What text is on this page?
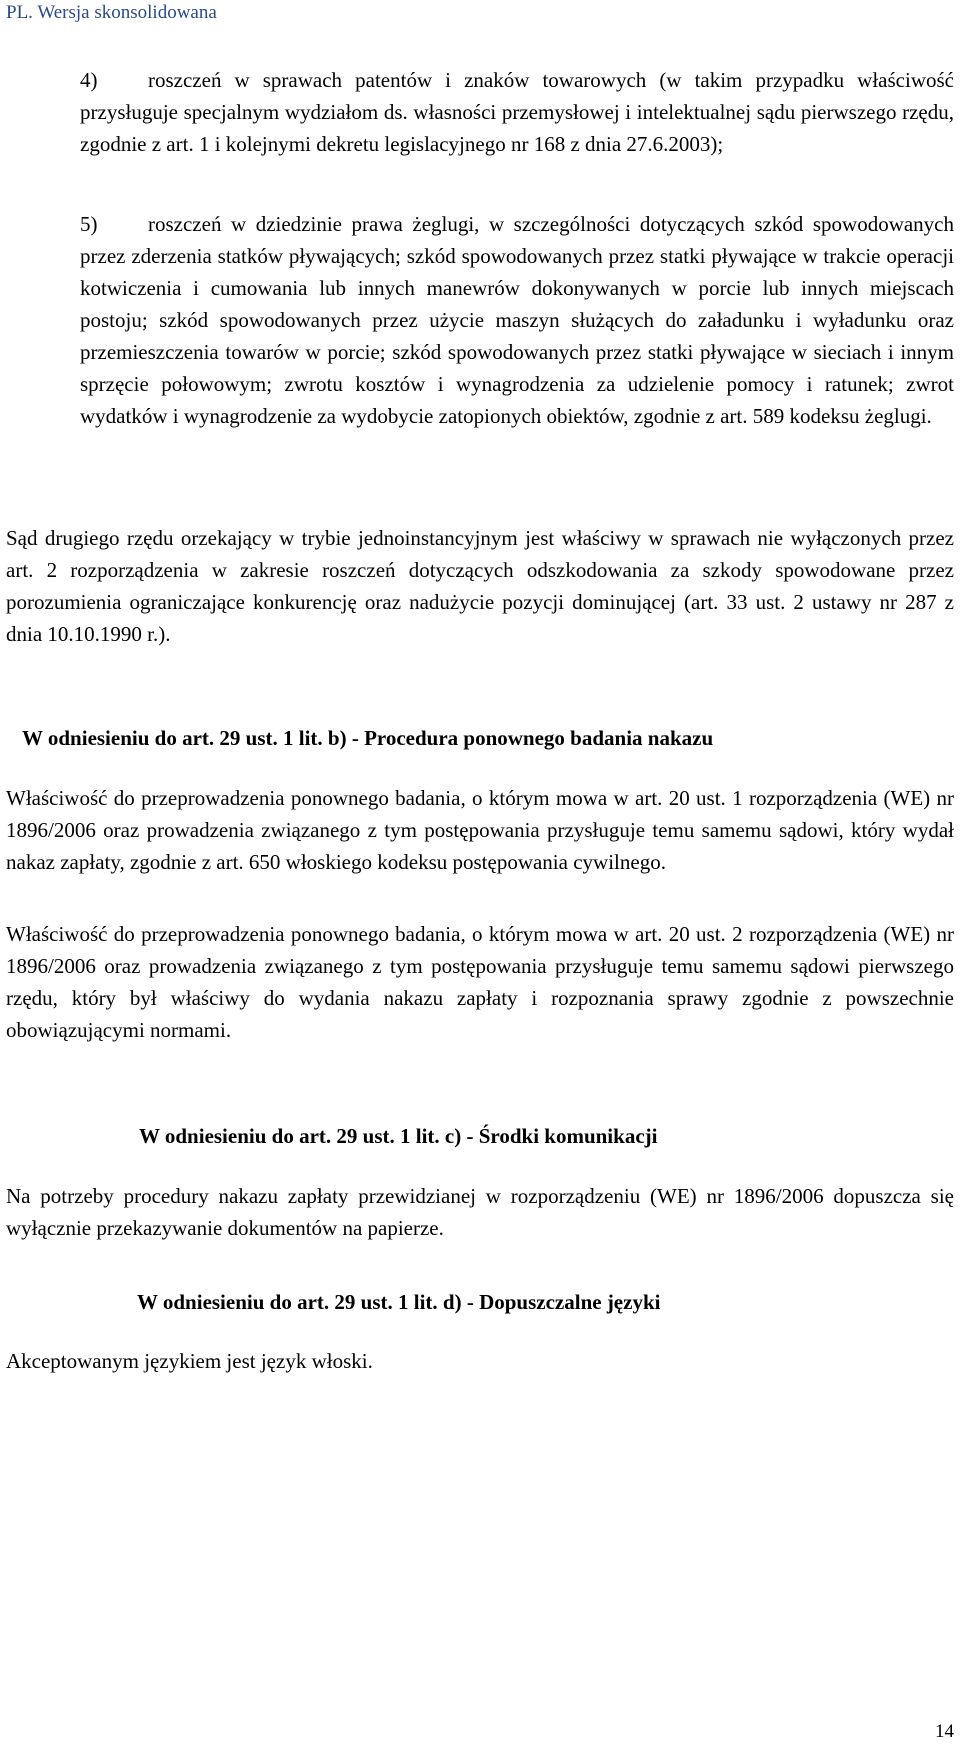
PL. Wersja skonsolidowana
4) roszczeń w sprawach patentów i znaków towarowych (w takim przypadku właściwość przysługuje specjalnym wydziałom ds. własności przemysłowej i intelektualnej sądu pierwszego rzędu, zgodnie z art. 1 i kolejnymi dekretu legislacyjnego nr 168 z dnia 27.6.2003);
5) roszczeń w dziedzinie prawa żeglugi, w szczególności dotyczących szkód spowodowanych przez zderzenia statków pływających; szkód spowodowanych przez statki pływające w trakcie operacji kotwiczenia i cumowania lub innych manewrów dokonywanych w porcie lub innych miejscach postoju; szkód spowodowanych przez użycie maszyn służących do załadunku i wyładunku oraz przemieszczenia towarów w porcie; szkód spowodowanych przez statki pływające w sieciach i innym sprzęcie połowowym; zwrotu kosztów i wynagrodzenia za udzielenie pomocy i ratunek; zwrot wydatków i wynagrodzenie za wydobycie zatopionych obiektów, zgodnie z art. 589 kodeksu żeglugi.
Sąd drugiego rzędu orzekający w trybie jednoinstancyjnym jest właściwy w sprawach nie wyłączonych przez art. 2 rozporządzenia w zakresie roszczeń dotyczących odszkodowania za szkody spowodowane przez porozumienia ograniczające konkurencję oraz nadużycie pozycji dominującej (art. 33 ust. 2 ustawy nr 287 z dnia 10.10.1990 r.).
W odniesieniu do art. 29 ust. 1 lit. b) - Procedura ponownego badania nakazu
Właściwość do przeprowadzenia ponownego badania, o którym mowa w art. 20 ust. 1 rozporządzenia (WE) nr 1896/2006 oraz prowadzenia związanego z tym postępowania przysługuje temu samemu sądowi, który wydał nakaz zapłaty, zgodnie z art. 650 włoskiego kodeksu postępowania cywilnego.
Właściwość do przeprowadzenia ponownego badania, o którym mowa w art. 20 ust. 2 rozporządzenia (WE) nr 1896/2006 oraz prowadzenia związanego z tym postępowania przysługuje temu samemu sądowi pierwszego rzędu, który był właściwy do wydania nakazu zapłaty i rozpoznania sprawy zgodnie z powszechnie obowiązującymi normami.
W odniesieniu do art. 29 ust. 1 lit. c) - Środki komunikacji
Na potrzeby procedury nakazu zapłaty przewidzianej w rozporządzeniu (WE) nr 1896/2006 dopuszcza się wyłącznie przekazywanie dokumentów na papierze.
W odniesieniu do art. 29 ust. 1 lit. d) - Dopuszczalne języki
Akceptowanym językiem jest język włoski.
14
